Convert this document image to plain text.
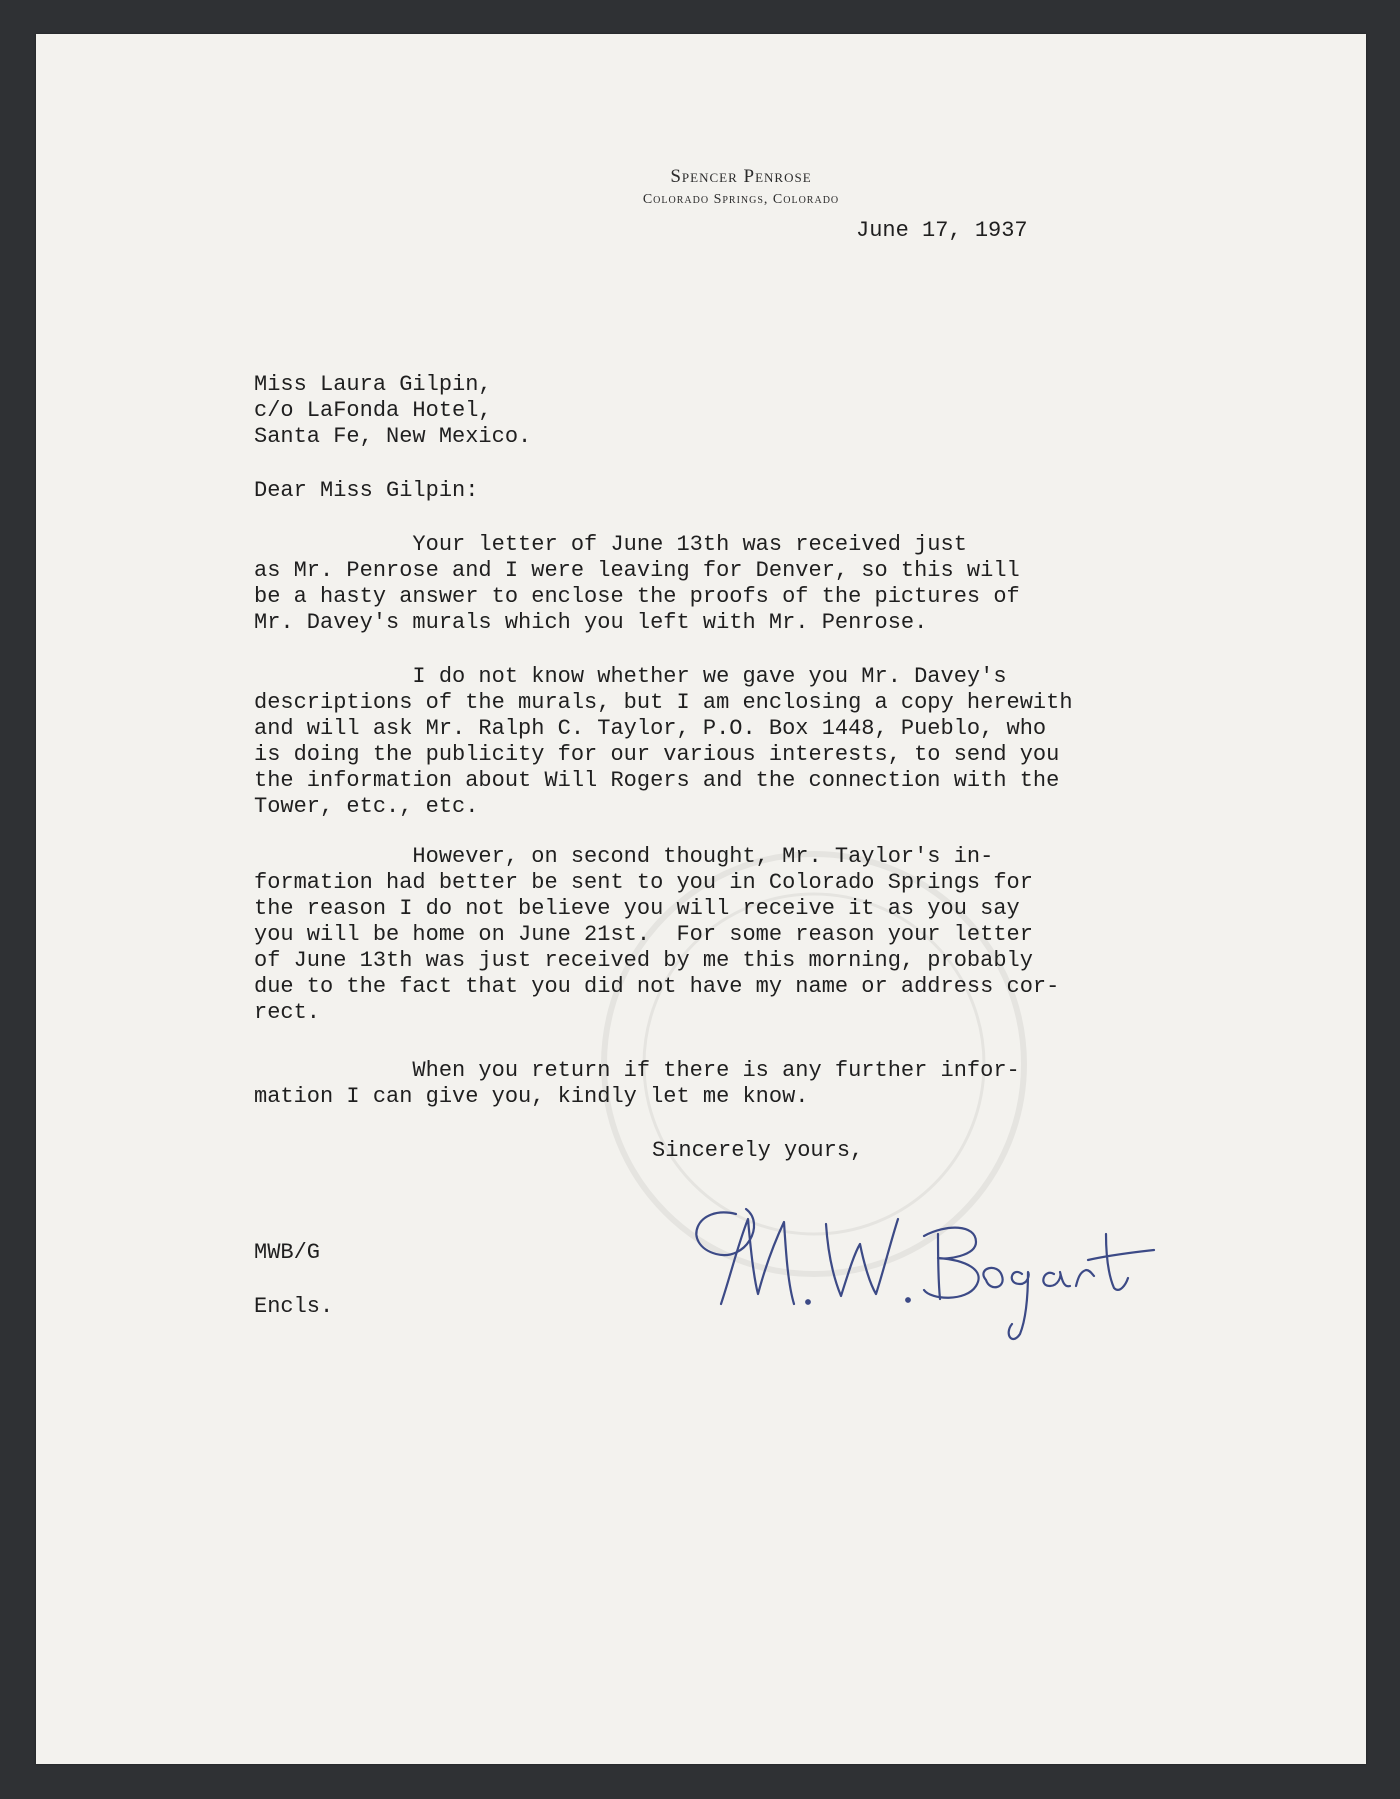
Spencer Penrose
Colorado Springs, Colorado
June 17, 1937
Miss Laura Gilpin,
c/o LaFonda Hotel,
Santa Fe, New Mexico.
Dear Miss Gilpin:
Your letter of June 13th was received just
as Mr. Penrose and I were leaving for Denver, so this will
be a hasty answer to enclose the proofs of the pictures of
Mr. Davey's murals which you left with Mr. Penrose.
I do not know whether we gave you Mr. Davey's
descriptions of the murals, but I am enclosing a copy herewith
and will ask Mr. Ralph C. Taylor, P.O. Box 1448, Pueblo, who
is doing the publicity for our various interests, to send you
the information about Will Rogers and the connection with the
Tower, etc., etc.
However, on second thought, Mr. Taylor's in-
formation had better be sent to you in Colorado Springs for
the reason I do not believe you will receive it as you say
you will be home on June 21st.  For some reason your letter
of June 13th was just received by me this morning, probably
due to the fact that you did not have my name or address cor-
rect.
When you return if there is any further infor-
mation I can give you, kindly let me know.
Sincerely yours,
MWB/G
Encls.
